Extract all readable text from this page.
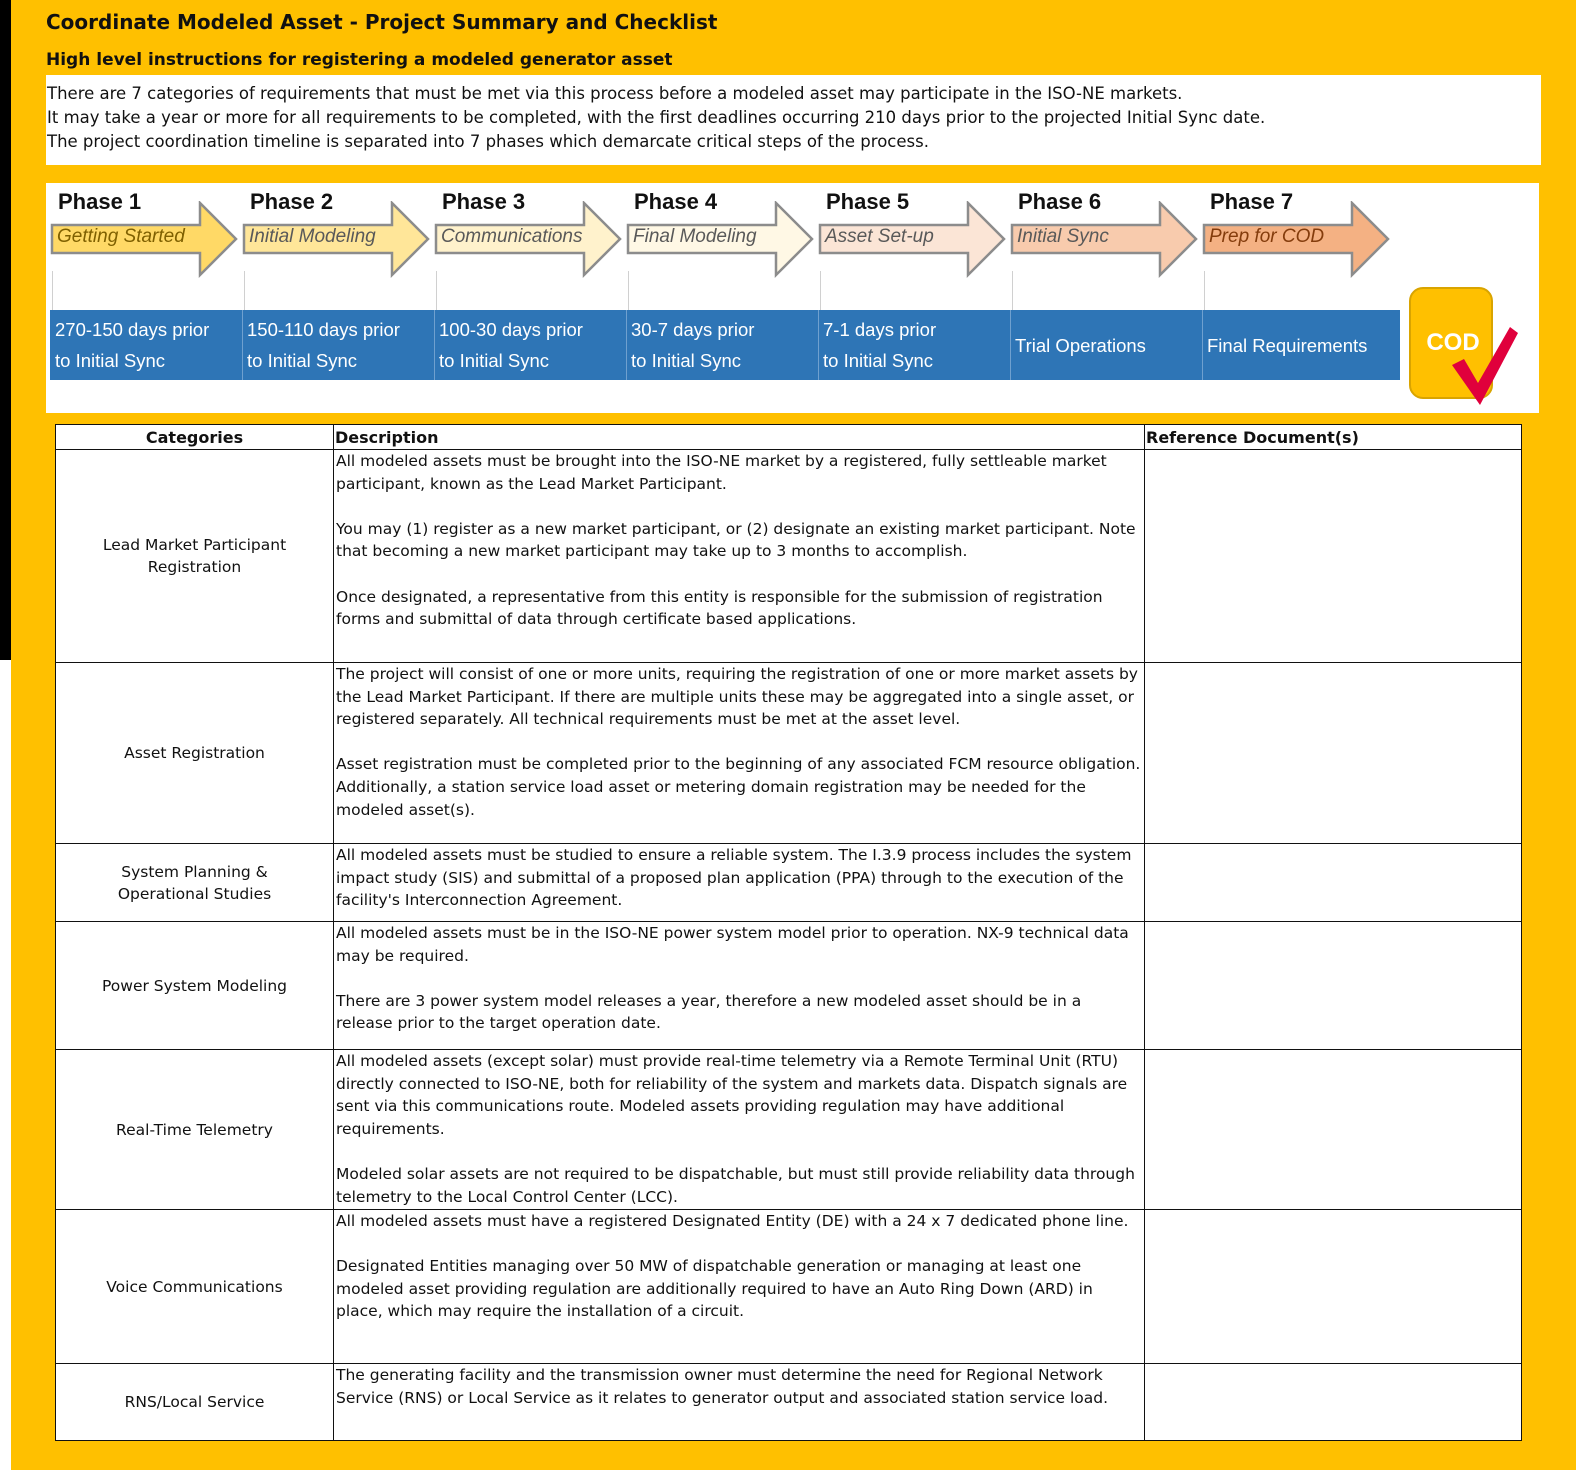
Coordinate Modeled Asset - Project Summary and Checklist
High level instructions for registering a modeled generator asset
There are 7 categories of requirements that must be met via this process before a modeled asset may participate in the ISO-NE markets.
It may take a year or more for all requirements to be completed, with the first deadlines occurring 210 days prior to the projected Initial Sync date.
The project coordination timeline is separated into 7 phases which demarcate critical steps of the process.
Phase 1
Getting Started
Phase 2
Initial Modeling
Phase 3
Communications
Phase 4
Final Modeling
Phase 5
Asset Set-up
Phase 6
Initial Sync
Phase 7
Prep for COD
270-150 days prior
to Initial Sync
150-110 days prior
to Initial Sync
100-30 days prior
to Initial Sync
30-7 days prior
to Initial Sync
7-1 days prior
to Initial Sync
Trial Operations	Final Requirements	COD
Categories	Description	Reference Document(s)
Lead Market Participant Registration	All modeled assets must be brought into the ISO-NE market by a registered, fully settleable market participant, known as the Lead Market Participant.

You may (1) register as a new market participant, or (2) designate an existing market participant. Note that becoming a new market participant may take up to 3 months to accomplish.

Once designated, a representative from this entity is responsible for the submission of registration forms and submittal of data through certificate based applications.	

Asset Registration	The project will consist of one or more units, requiring the registration of one or more market assets by the Lead Market Participant. If there are multiple units these may be aggregated into a single asset, or registered separately. All technical requirements must be met at the asset level.

Asset registration must be completed prior to the beginning of any associated FCM resource obligation. Additionally, a station service load asset or metering domain registration may be needed for the modeled asset(s).	

System Planning & Operational Studies	All modeled assets must be studied to ensure a reliable system. The I.3.9 process includes the system impact study (SIS) and submittal of a proposed plan application (PPA) through to the execution of the facility's Interconnection Agreement.	

Power System Modeling	All modeled assets must be in the ISO-NE power system model prior to operation. NX-9 technical data may be required.

There are 3 power system model releases a year, therefore a new modeled asset should be in a release prior to the target operation date.	

Real-Time Telemetry	All modeled assets (except solar) must provide real-time telemetry via a Remote Terminal Unit (RTU) directly connected to ISO-NE, both for reliability of the system and markets data. Dispatch signals are sent via this communications route. Modeled assets providing regulation may have additional requirements.

Modeled solar assets are not required to be dispatchable, but must still provide reliability data through telemetry to the Local Control Center (LCC).	

Voice Communications	All modeled assets must have a registered Designated Entity (DE) with a 24 x 7 dedicated phone line.

Designated Entities managing over 50 MW of dispatchable generation or managing at least one modeled asset providing regulation are additionally required to have an Auto Ring Down (ARD) in place, which may require the installation of a circuit.	

RNS/Local Service	The generating facility and the transmission owner must determine the need for Regional Network Service (RNS) or Local Service as it relates to generator output and associated station service load.	
